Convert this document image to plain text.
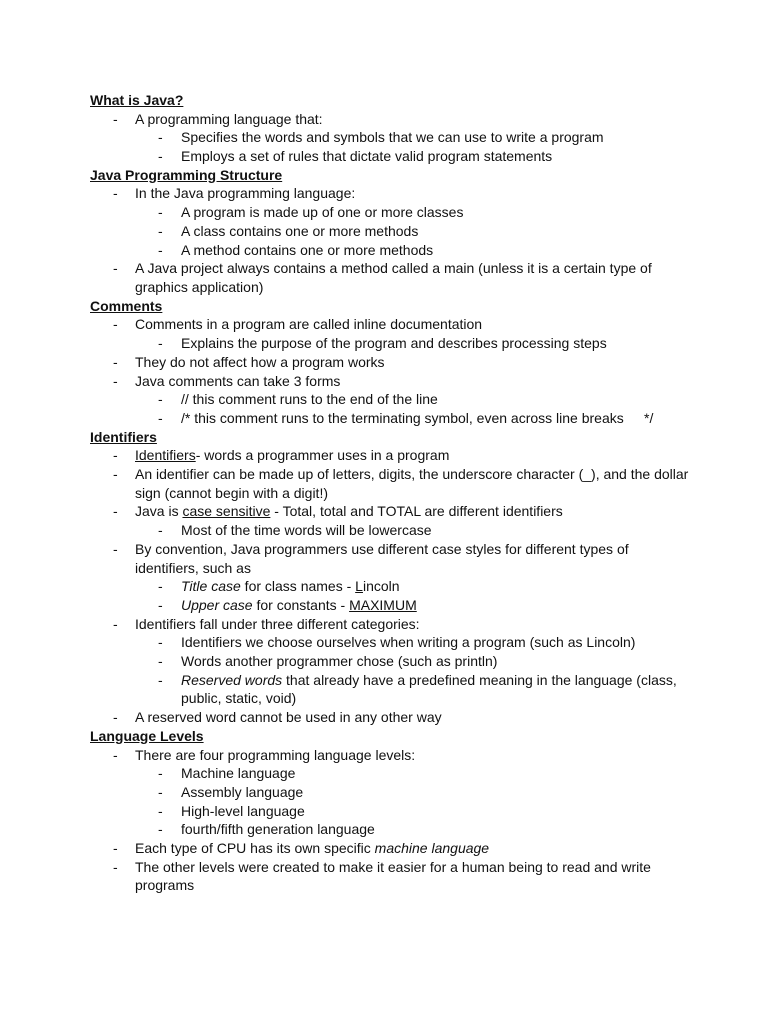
What is Java?
- A programming language that:
- Specifies the words and symbols that we can use to write a program
- Employs a set of rules that dictate valid program statements
Java Programming Structure
- In the Java programming language:
- A program is made up of one or more classes
- A class contains one or more methods
- A method contains one or more methods
- A Java project always contains a method called a main (unless it is a certain type of graphics application)
Comments
- Comments in a program are called inline documentation
- Explains the purpose of the program and describes processing steps
- They do not affect how a program works
- Java comments can take 3 forms
- // this comment runs to the end of the line
- /* this comment runs to the terminating symbol, even across line breaks	*/
Identifiers
- Identifiers- words a programmer uses in a program
- An identifier can be made up of letters, digits, the underscore character (_), and the dollar sign (cannot begin with a digit!)
- Java is case sensitive - Total, total and TOTAL are different identifiers
- Most of the time words will be lowercase
- By convention, Java programmers use different case styles for different types of identifiers, such as
- Title case for class names - Lincoln
- Upper case for constants - MAXIMUM
- Identifiers fall under three different categories:
- Identifiers we choose ourselves when writing a program (such as Lincoln)
- Words another programmer chose (such as println)
- Reserved words that already have a predefined meaning in the language (class, public, static, void)
- A reserved word cannot be used in any other way
Language Levels
- There are four programming language levels:
- Machine language
- Assembly language
- High-level language
- fourth/fifth generation language
- Each type of CPU has its own specific machine language
- The other levels were created to make it easier for a human being to read and write programs
